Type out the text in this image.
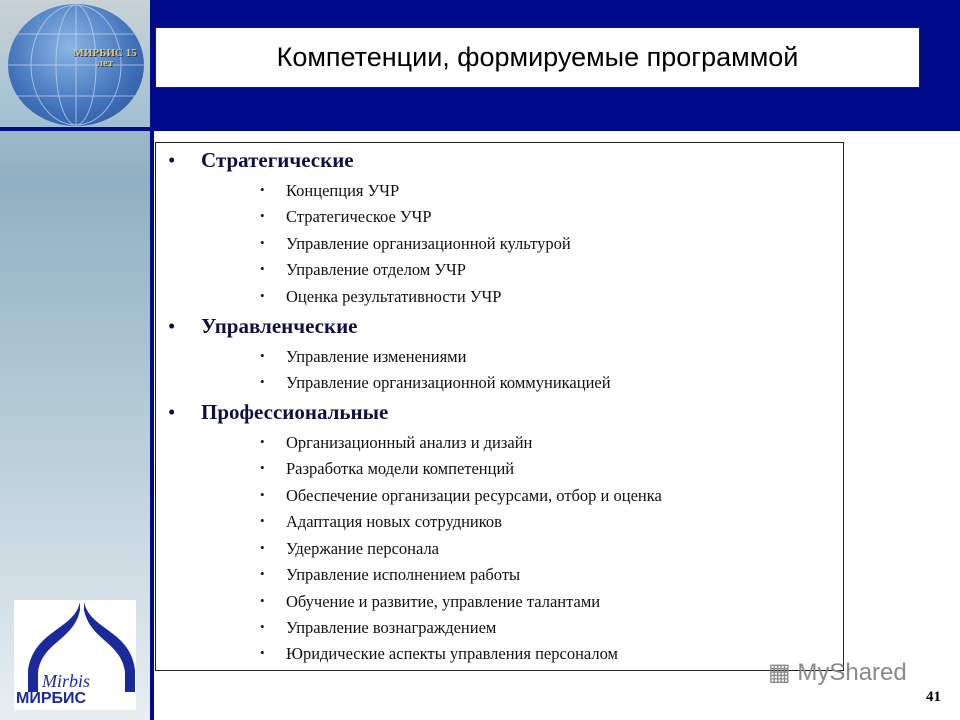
МИРБИС 15 лет	Компетенции, формируемые программой
• Стратегические
• Концепция УЧР
• Стратегическое УЧР
• Управление организационной культурой
• Управление отделом УЧР
• Оценка результативности УЧР
• Управленческие
• Управление изменениями
• Управление организационной коммуникацией
• Профессиональные
• Организационный анализ и дизайн
• Разработка модели компетенций
• Обеспечение организации ресурсами, отбор и оценка
• Адаптация новых сотрудников
• Удержание персонала
• Управление исполнением работы
• Обучение и развитие, управление талантами
• Управление вознаграждением
• Юридические аспекты управления персоналом
Mirbis
МИРБИС
▦ MyShared
41
